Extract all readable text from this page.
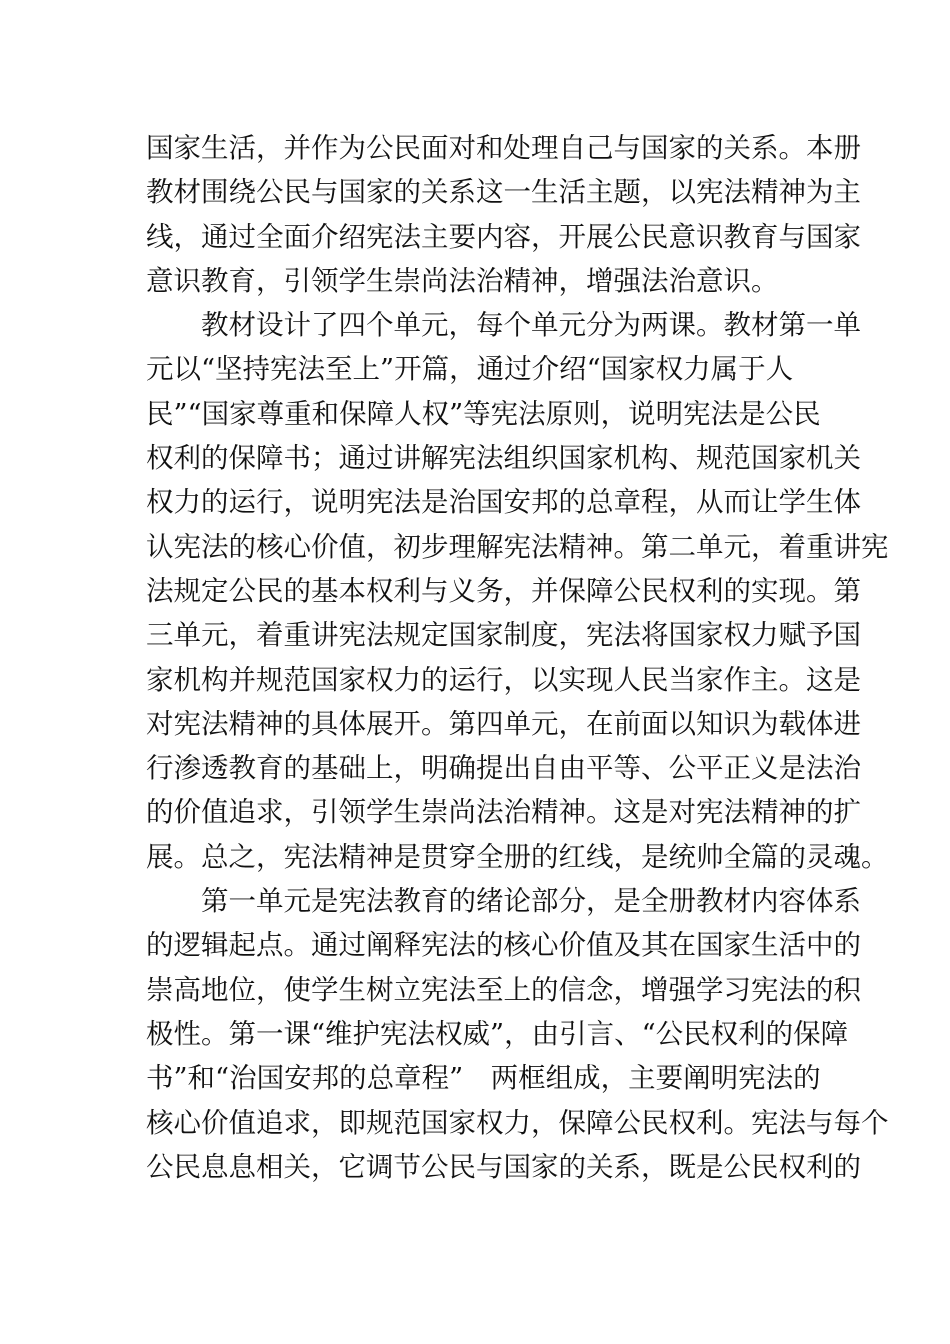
国家生活，并作为公民面对和处理自己与国家的关系。本册
教材围绕公民与国家的关系这一生活主题，以宪法精神为主
线，通过全面介绍宪法主要内容，开展公民意识教育与国家
意识教育，引领学生崇尚法治精神，增强法治意识。
教材设计了四个单元，每个单元分为两课。教材第一单
元以“坚持宪法至上”开篇，通过介绍“国家权力属于人
民”“国家尊重和保障人权”等宪法原则，说明宪法是公民
权利的保障书；通过讲解宪法组织国家机构、规范国家机关
权力的运行，说明宪法是治国安邦的总章程，从而让学生体
认宪法的核心价值，初步理解宪法精神。第二单元，着重讲宪
法规定公民的基本权利与义务，并保障公民权利的实现。第
三单元，着重讲宪法规定国家制度，宪法将国家权力赋予国
家机构并规范国家权力的运行，以实现人民当家作主。这是
对宪法精神的具体展开。第四单元，在前面以知识为载体进
行渗透教育的基础上，明确提出自由平等、公平正义是法治
的价值追求，引领学生崇尚法治精神。这是对宪法精神的扩
展。总之，宪法精神是贯穿全册的红线，是统帅全篇的灵魂。
第一单元是宪法教育的绪论部分，是全册教材内容体系
的逻辑起点。通过阐释宪法的核心价值及其在国家生活中的
崇高地位，使学生树立宪法至上的信念，增强学习宪法的积
极性。第一课“维护宪法权威”，由引言、“公民权利的保障
书”和“治国安邦的总章程”　两框组成，主要阐明宪法的
核心价值追求，即规范国家权力，保障公民权利。宪法与每个
公民息息相关，它调节公民与国家的关系，既是公民权利的
